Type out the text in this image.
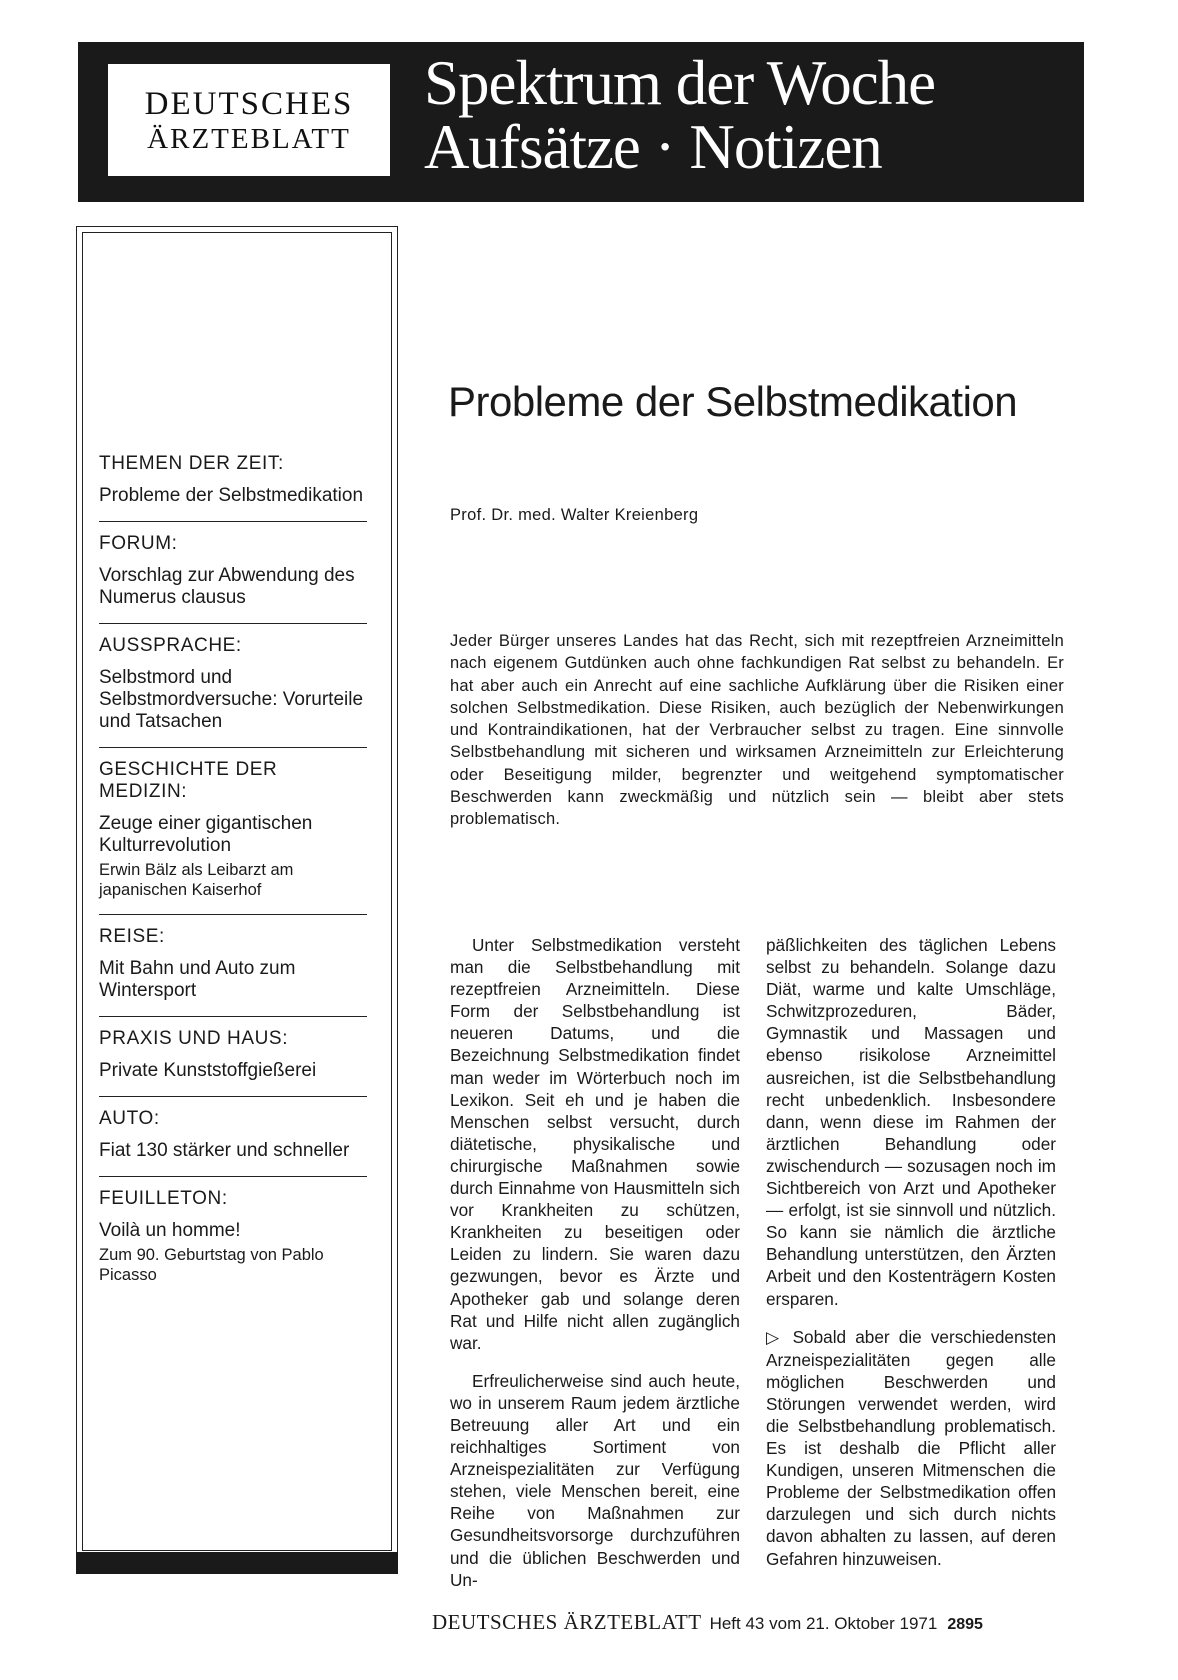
DEUTSCHES
ÄRZTEBLATT
Spektrum der Woche
Aufsätze · Notizen
THEMEN DER ZEIT:
Probleme der Selbstmedikation
FORUM:
Vorschlag zur Abwendung des Numerus clausus
AUSSPRACHE:
Selbstmord und Selbstmordversuche: Vorurteile und Tatsachen
GESCHICHTE DER MEDIZIN:
Zeuge einer gigantischen Kulturrevolution
Erwin Bälz als Leibarzt am japanischen Kaiserhof
REISE:
Mit Bahn und Auto zum Wintersport
PRAXIS UND HAUS:
Private Kunststoffgießerei
AUTO:
Fiat 130 stärker und schneller
FEUILLETON:
Voilà un homme!
Zum 90. Geburtstag von Pablo Picasso
Probleme der Selbstmedikation
Prof. Dr. med. Walter Kreienberg
Jeder Bürger unseres Landes hat das Recht, sich mit rezeptfreien Arzneimitteln nach eigenem Gutdünken auch ohne fachkundigen Rat selbst zu behandeln. Er hat aber auch ein Anrecht auf eine sachliche Aufklärung über die Risiken einer solchen Selbstmedikation. Diese Risiken, auch bezüglich der Nebenwirkungen und Kontraindikationen, hat der Verbraucher selbst zu tragen. Eine sinnvolle Selbstbehandlung mit sicheren und wirksamen Arzneimitteln zur Erleichterung oder Beseitigung milder, begrenzter und weitgehend symptomatischer Beschwerden kann zweckmäßig und nützlich sein — bleibt aber stets problematisch.

Unter Selbstmedikation versteht man die Selbstbehandlung mit rezeptfreien Arzneimitteln. Diese Form der Selbstbehandlung ist neueren Datums, und die Bezeichnung Selbstmedikation findet man weder im Wörterbuch noch im Lexikon. Seit eh und je haben die Menschen selbst versucht, durch diätetische, physikalische und chirurgische Maßnahmen sowie durch Einnahme von Hausmitteln sich vor Krankheiten zu schützen, Krankheiten zu beseitigen oder Leiden zu lindern. Sie waren dazu gezwungen, bevor es Ärzte und Apotheker gab und solange deren Rat und Hilfe nicht allen zugänglich war.

Erfreulicherweise sind auch heute, wo in unserem Raum jedem ärztliche Betreuung aller Art und ein reichhaltiges Sortiment von Arzneispezialitäten zur Verfügung stehen, viele Menschen bereit, eine Reihe von Maßnahmen zur Gesundheitsvorsorge durchzuführen und die üblichen Beschwerden und Un-

päßlichkeiten des täglichen Lebens selbst zu behandeln. Solange dazu Diät, warme und kalte Umschläge, Schwitzprozeduren, Bäder, Gymnastik und Massagen und ebenso risikolose Arzneimittel ausreichen, ist die Selbstbehandlung recht unbedenklich. Insbesondere dann, wenn diese im Rahmen der ärztlichen Behandlung oder zwischendurch — sozusagen noch im Sichtbereich von Arzt und Apotheker — erfolgt, ist sie sinnvoll und nützlich. So kann sie nämlich die ärztliche Behandlung unterstützen, den Ärzten Arbeit und den Kostenträgern Kosten ersparen.

▷ Sobald aber die verschiedensten Arzneispezialitäten gegen alle möglichen Beschwerden und Störungen verwendet werden, wird die Selbstbehandlung problematisch. Es ist deshalb die Pflicht aller Kundigen, unseren Mitmenschen die Probleme der Selbstmedikation offen darzulegen und sich durch nichts davon abhalten zu lassen, auf deren Gefahren hinzuweisen.

DEUTSCHES ÄRZTEBLATT Heft 43 vom 21. Oktober 1971 2895
